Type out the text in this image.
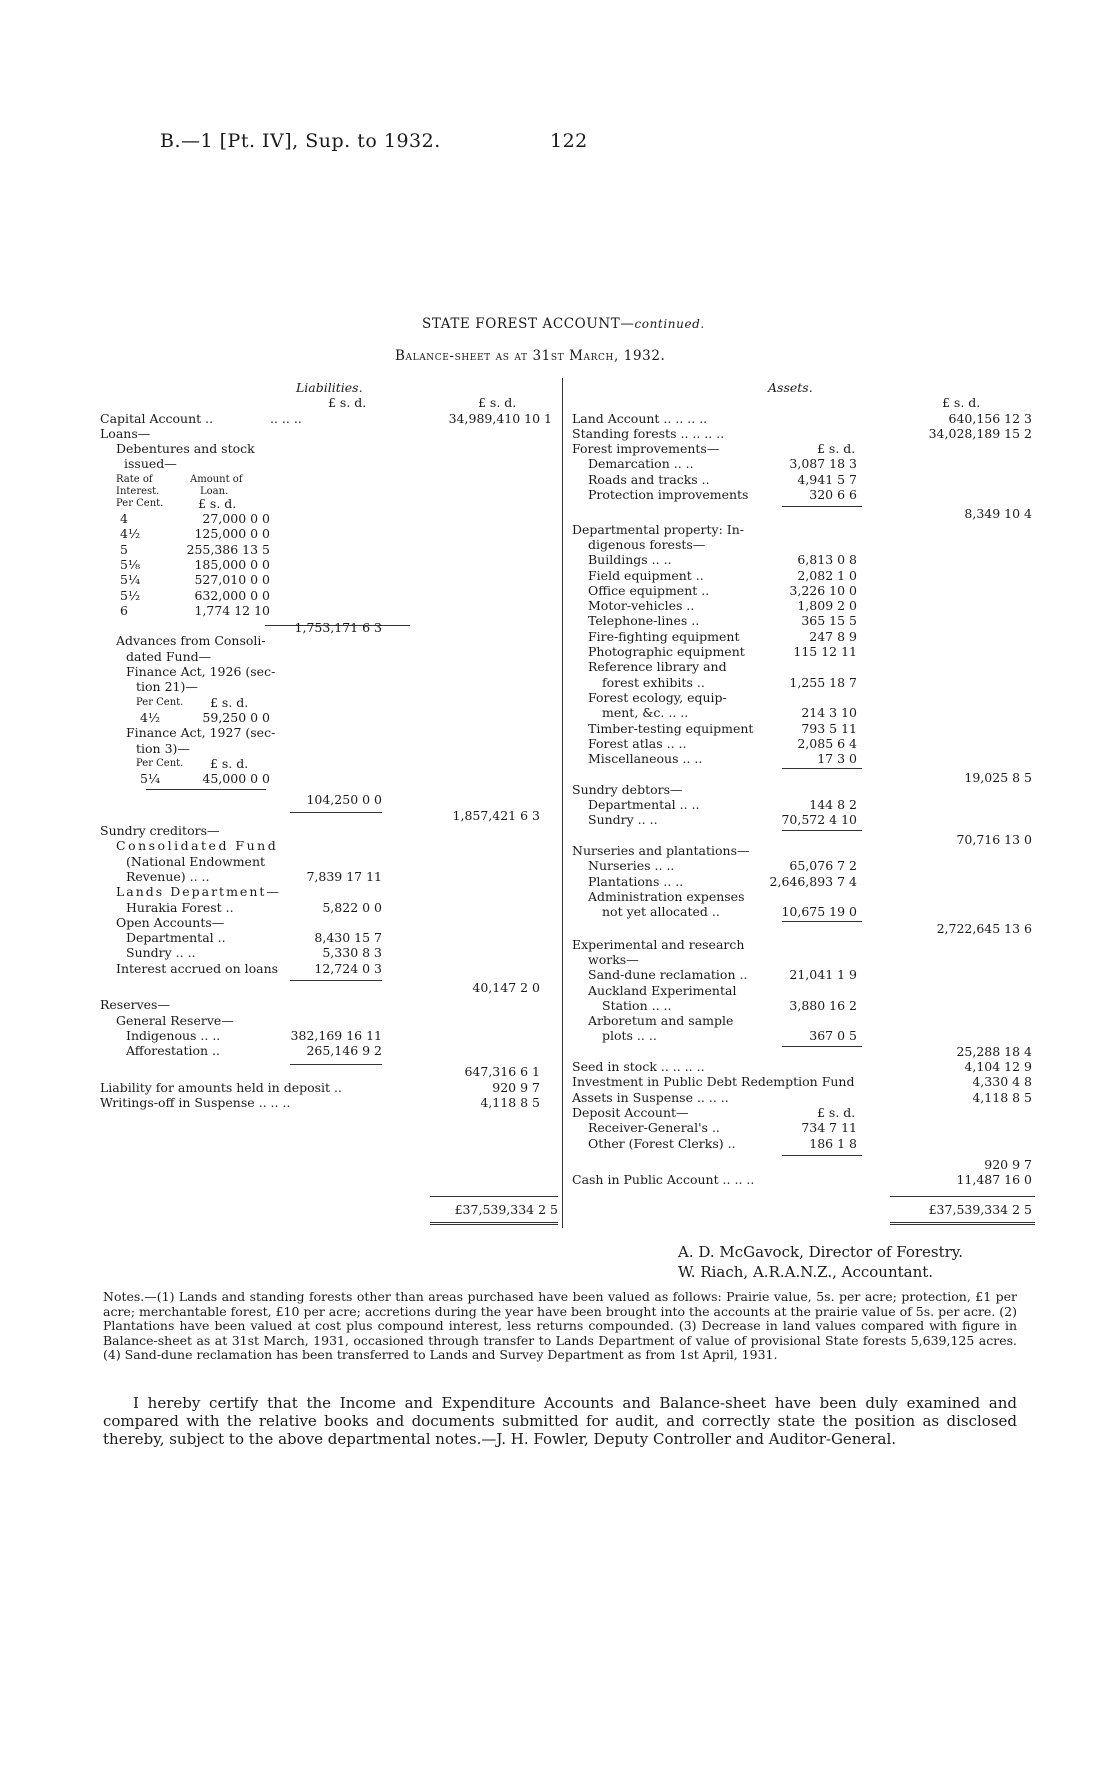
B.—1 [Pt. IV], Sup. to 1932.	122
STATE FOREST ACCOUNT—continued.
Balance-sheet as at 31st March, 1932.
Liabilities.
£ s. d.	£ s. d.
Capital Account ..	.. .. ..	34,989,410 10 1
Loans—
Debentures and stock
issued—
Rate of	Amount of
Interest.	Loan.
Per Cent.	£ s. d.
4	27,000 0 0
4½	125,000 0 0
5	255,386 13 5
5⅛	185,000 0 0
5¼	527,010 0 0
5½	632,000 0 0
6	1,774 12 10
1,753,171 6 3
Advances from Consoli-
dated Fund—
Finance Act, 1926 (sec-
tion 21)—
Per Cent. £ s. d.
4½	59,250 0 0
Finance Act, 1927 (sec-
tion 3)—
Per Cent. £ s. d.
5¼	45,000 0 0
104,250 0 0
1,857,421 6 3
Sundry creditors—
Consolidated Fund
(National Endowment
Revenue) .. ..	7,839 17 11
Lands Department—
Hurakia Forest ..	5,822 0 0
Open Accounts—
Departmental ..	8,430 15 7
Sundry .. ..	5,330 8 3
Interest accrued on loans	12,724 0 3
40,147 2 0
Reserves—
General Reserve—
Indigenous .. ..	382,169 16 11
Afforestation ..	265,146 9 2
647,316 6 1
Liability for amounts held in deposit ..	920 9 7
Writings-off in Suspense .. .. ..	4,118 8 5
£37,539,334 2 5
Assets.
£ s. d.
Land Account .. .. .. ..	640,156 12 3
Standing forests .. .. .. ..	34,028,189 15 2
Forest improvements—	£ s. d.
Demarcation .. ..	3,087 18 3
Roads and tracks ..	4,941 5 7
Protection improvements	320 6 6
8,349 10 4
Departmental property: In-
digenous forests—
Buildings .. ..	6,813 0 8
Field equipment ..	2,082 1 0
Office equipment ..	3,226 10 0
Motor-vehicles ..	1,809 2 0
Telephone-lines ..	365 15 5
Fire-fighting equipment	247 8 9
Photographic equipment	115 12 11
Reference library and
forest exhibits ..	1,255 18 7
Forest ecology, equip-
ment, &c. .. ..	214 3 10
Timber-testing equipment	793 5 11
Forest atlas .. ..	2,085 6 4
Miscellaneous .. ..	17 3 0
19,025 8 5
Sundry debtors—
Departmental .. ..	144 8 2
Sundry .. ..	70,572 4 10
70,716 13 0
Nurseries and plantations—
Nurseries .. ..	65,076 7 2
Plantations .. ..	2,646,893 7 4
Administration expenses
not yet allocated ..	10,675 19 0
2,722,645 13 6
Experimental and research
works—
Sand-dune reclamation ..	21,041 1 9
Auckland Experimental
Station .. ..	3,880 16 2
Arboretum and sample
plots .. ..	367 0 5
25,288 18 4
Seed in stock .. .. .. ..	4,104 12 9
Investment in Public Debt Redemption Fund	4,330 4 8
Assets in Suspense .. .. ..	4,118 8 5
Deposit Account—	£ s. d.
Receiver-General's ..	734 7 11
Other (Forest Clerks) ..	186 1 8
920 9 7
Cash in Public Account .. .. ..	11,487 16 0
£37,539,334 2 5
A. D. McGavock, Director of Forestry.
W. Riach, A.R.A.N.Z., Accountant.
Notes.—(1) Lands and standing forests other than areas purchased have been valued as follows: Prairie value, 5s. per acre; protection, £1 per acre; merchantable forest, £10 per acre; accretions during the year have been brought into the accounts at the prairie value of 5s. per acre. (2) Plantations have been valued at cost plus compound interest, less returns compounded. (3) Decrease in land values compared with figure in Balance-sheet as at 31st March, 1931, occasioned through transfer to Lands Department of value of provisional State forests 5,639,125 acres. (4) Sand-dune reclamation has been transferred to Lands and Survey Department as from 1st April, 1931.
I hereby certify that the Income and Expenditure Accounts and Balance-sheet have been duly examined and compared with the relative books and documents submitted for audit, and correctly state the position as disclosed thereby, subject to the above departmental notes.—J. H. Fowler, Deputy Controller and Auditor-General.
